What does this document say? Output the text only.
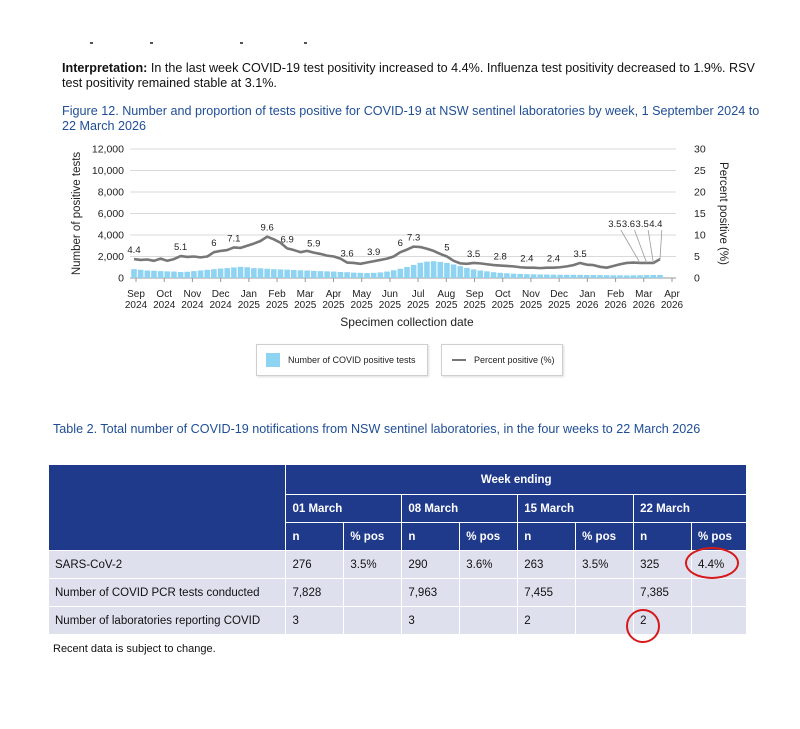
Interpretation: In the last week COVID-19 test positivity increased to 4.4%. Influenza test positivity decreased to 1.9%. RSV test positivity remained stable at 3.1%.

Figure 12. Number and proportion of tests positive for COVID-19 at NSW sentinel laboratories by week, 1 September 2024 to 22 March 2026

0	0
2,000	5
4,000	10
6,000	15
8,000	20
10,000	25
12,000	30
Number of positive tests	Percent positive (%)
4.4	5.1	6 7.1
9.6
6.9 5.9
3.6 3.9
6
7.3
5
3.5 2.8 2.4 2.4 3.5
3.5 3.6 3.5 4.4
Sep
2024
Oct
2024
Nov
2024
Dec
2024
Jan
2025
Feb
2025
Mar
2025
Apr
2025
May
2025
Jun
2025
Jul
2025
Aug
2025
Sep
2025
Oct
2025
Nov
2025
Dec
2025
Jan
2026
Feb
2026
Mar
2026
Apr
2026
Specimen collection date
Number of COVID positive tests	Percent positive (%)

Table 2. Total number of COVID-19 notifications from NSW sentinel laboratories, in the four weeks to 22 March 2026

	Week ending							
	01 March		08 March		15 March		22 March	
	n	% pos	n	% pos	n	% pos	n	% pos
SARS-CoV-2	276	3.5%	290	3.6%	263	3.5%	325	4.4%
Number of COVID PCR tests conducted	7,828		7,963		7,455		7,385	
Number of laboratories reporting COVID	3		3		2		2	

Recent data is subject to change.
